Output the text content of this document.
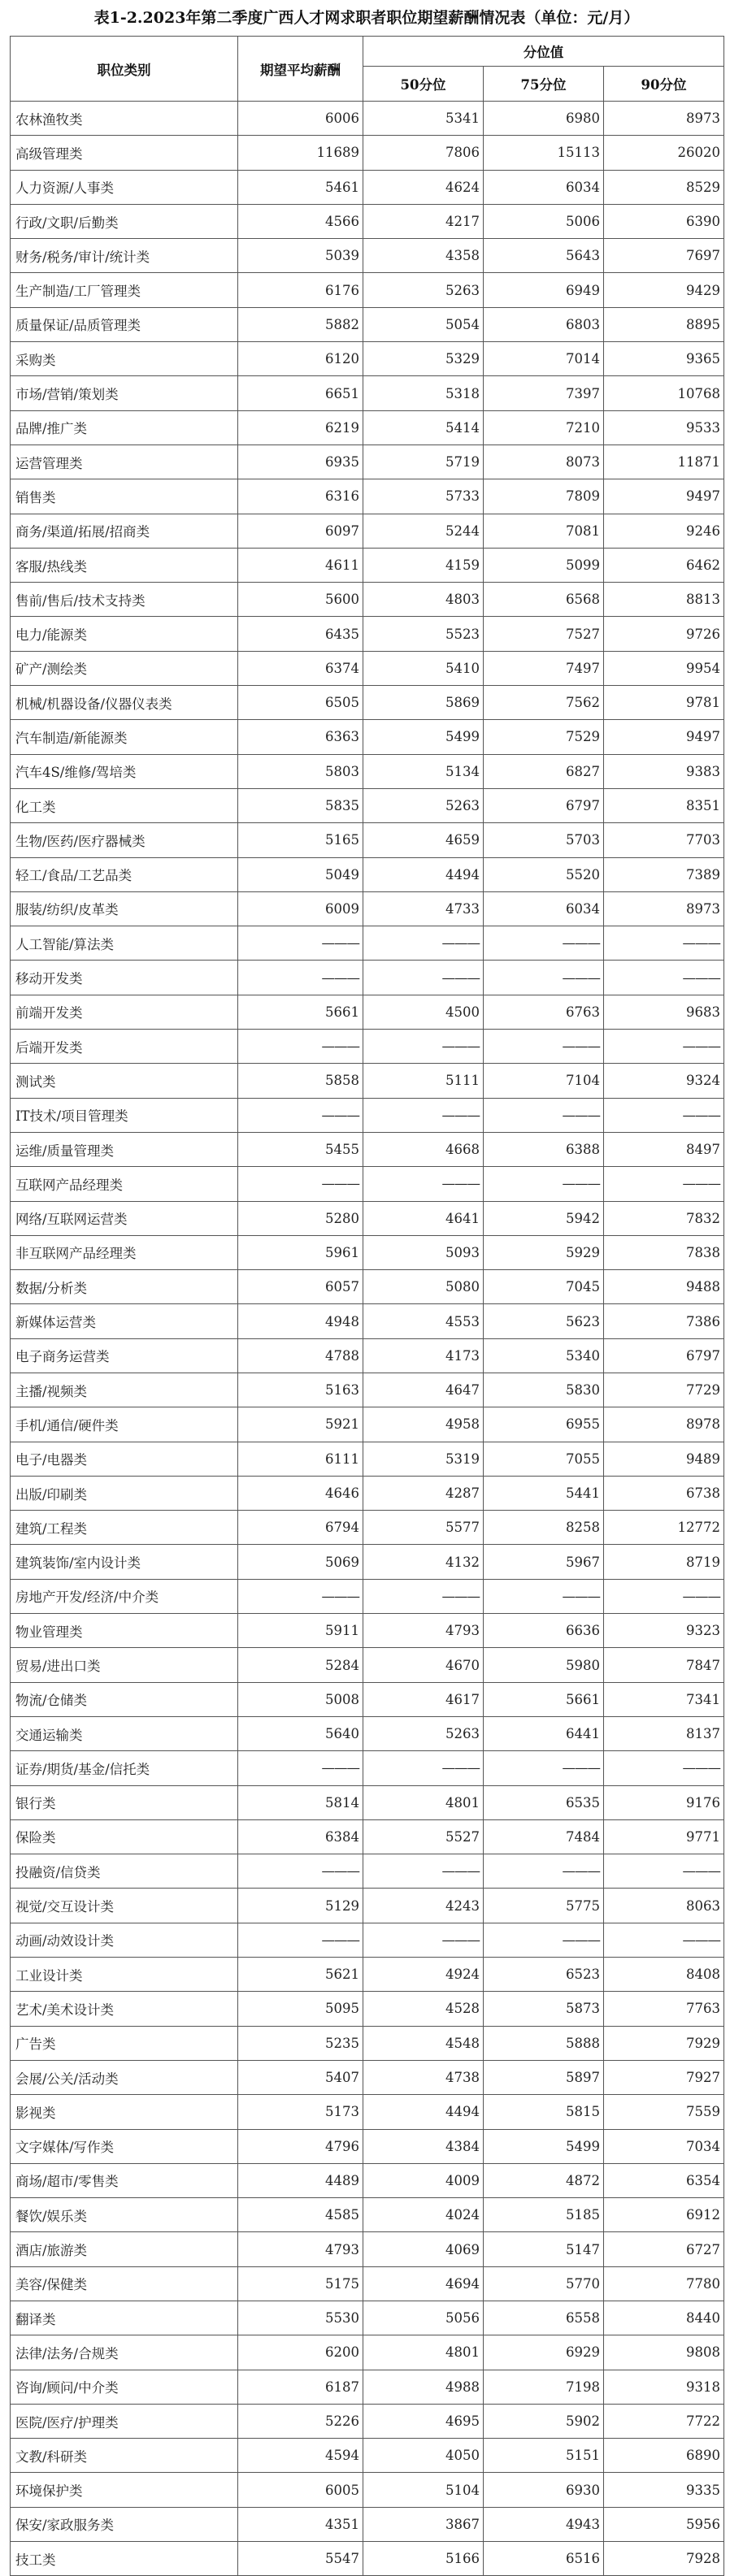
表1-2.2023年第二季度广西人才网求职者职位期望薪酬情况表（单位：元/月）
职位类别	期望平均薪酬	分位值		
		50分位	75分位	90分位
农林渔牧类	6006	5341	6980	8973
高级管理类	11689	7806	15113	26020
人力资源/人事类	5461	4624	6034	8529
行政/文职/后勤类	4566	4217	5006	6390
财务/税务/审计/统计类	5039	4358	5643	7697
生产制造/工厂管理类	6176	5263	6949	9429
质量保证/品质管理类	5882	5054	6803	8895
采购类	6120	5329	7014	9365
市场/营销/策划类	6651	5318	7397	10768
品牌/推广类	6219	5414	7210	9533
运营管理类	6935	5719	8073	11871
销售类	6316	5733	7809	9497
商务/渠道/拓展/招商类	6097	5244	7081	9246
客服/热线类	4611	4159	5099	6462
售前/售后/技术支持类	5600	4803	6568	8813
电力/能源类	6435	5523	7527	9726
矿产/测绘类	6374	5410	7497	9954
机械/机器设备/仪器仪表类	6505	5869	7562	9781
汽车制造/新能源类	6363	5499	7529	9497
汽车4S/维修/驾培类	5803	5134	6827	9383
化工类	5835	5263	6797	8351
生物/医药/医疗器械类	5165	4659	5703	7703
轻工/食品/工艺品类	5049	4494	5520	7389
服装/纺织/皮革类	6009	4733	6034	8973
人工智能/算法类	———	———	———	———
移动开发类	———	———	———	———
前端开发类	5661	4500	6763	9683
后端开发类	———	———	———	———
测试类	5858	5111	7104	9324
IT技术/项目管理类	———	———	———	———
运维/质量管理类	5455	4668	6388	8497
互联网产品经理类	———	———	———	———
网络/互联网运营类	5280	4641	5942	7832
非互联网产品经理类	5961	5093	5929	7838
数据/分析类	6057	5080	7045	9488
新媒体运营类	4948	4553	5623	7386
电子商务运营类	4788	4173	5340	6797
主播/视频类	5163	4647	5830	7729
手机/通信/硬件类	5921	4958	6955	8978
电子/电器类	6111	5319	7055	9489
出版/印刷类	4646	4287	5441	6738
建筑/工程类	6794	5577	8258	12772
建筑装饰/室内设计类	5069	4132	5967	8719
房地产开发/经济/中介类	———	———	———	———
物业管理类	5911	4793	6636	9323
贸易/进出口类	5284	4670	5980	7847
物流/仓储类	5008	4617	5661	7341
交通运输类	5640	5263	6441	8137
证券/期货/基金/信托类	———	———	———	———
银行类	5814	4801	6535	9176
保险类	6384	5527	7484	9771
投融资/信贷类	———	———	———	———
视觉/交互设计类	5129	4243	5775	8063
动画/动效设计类	———	———	———	———
工业设计类	5621	4924	6523	8408
艺术/美术设计类	5095	4528	5873	7763
广告类	5235	4548	5888	7929
会展/公关/活动类	5407	4738	5897	7927
影视类	5173	4494	5815	7559
文字媒体/写作类	4796	4384	5499	7034
商场/超市/零售类	4489	4009	4872	6354
餐饮/娱乐类	4585	4024	5185	6912
酒店/旅游类	4793	4069	5147	6727
美容/保健类	5175	4694	5770	7780
翻译类	5530	5056	6558	8440
法律/法务/合规类	6200	4801	6929	9808
咨询/顾问/中介类	6187	4988	7198	9318
医院/医疗/护理类	5226	4695	5902	7722
文教/科研类	4594	4050	5151	6890
环境保护类	6005	5104	6930	9335
保安/家政服务类	4351	3867	4943	5956
技工类	5547	5166	6516	7928
